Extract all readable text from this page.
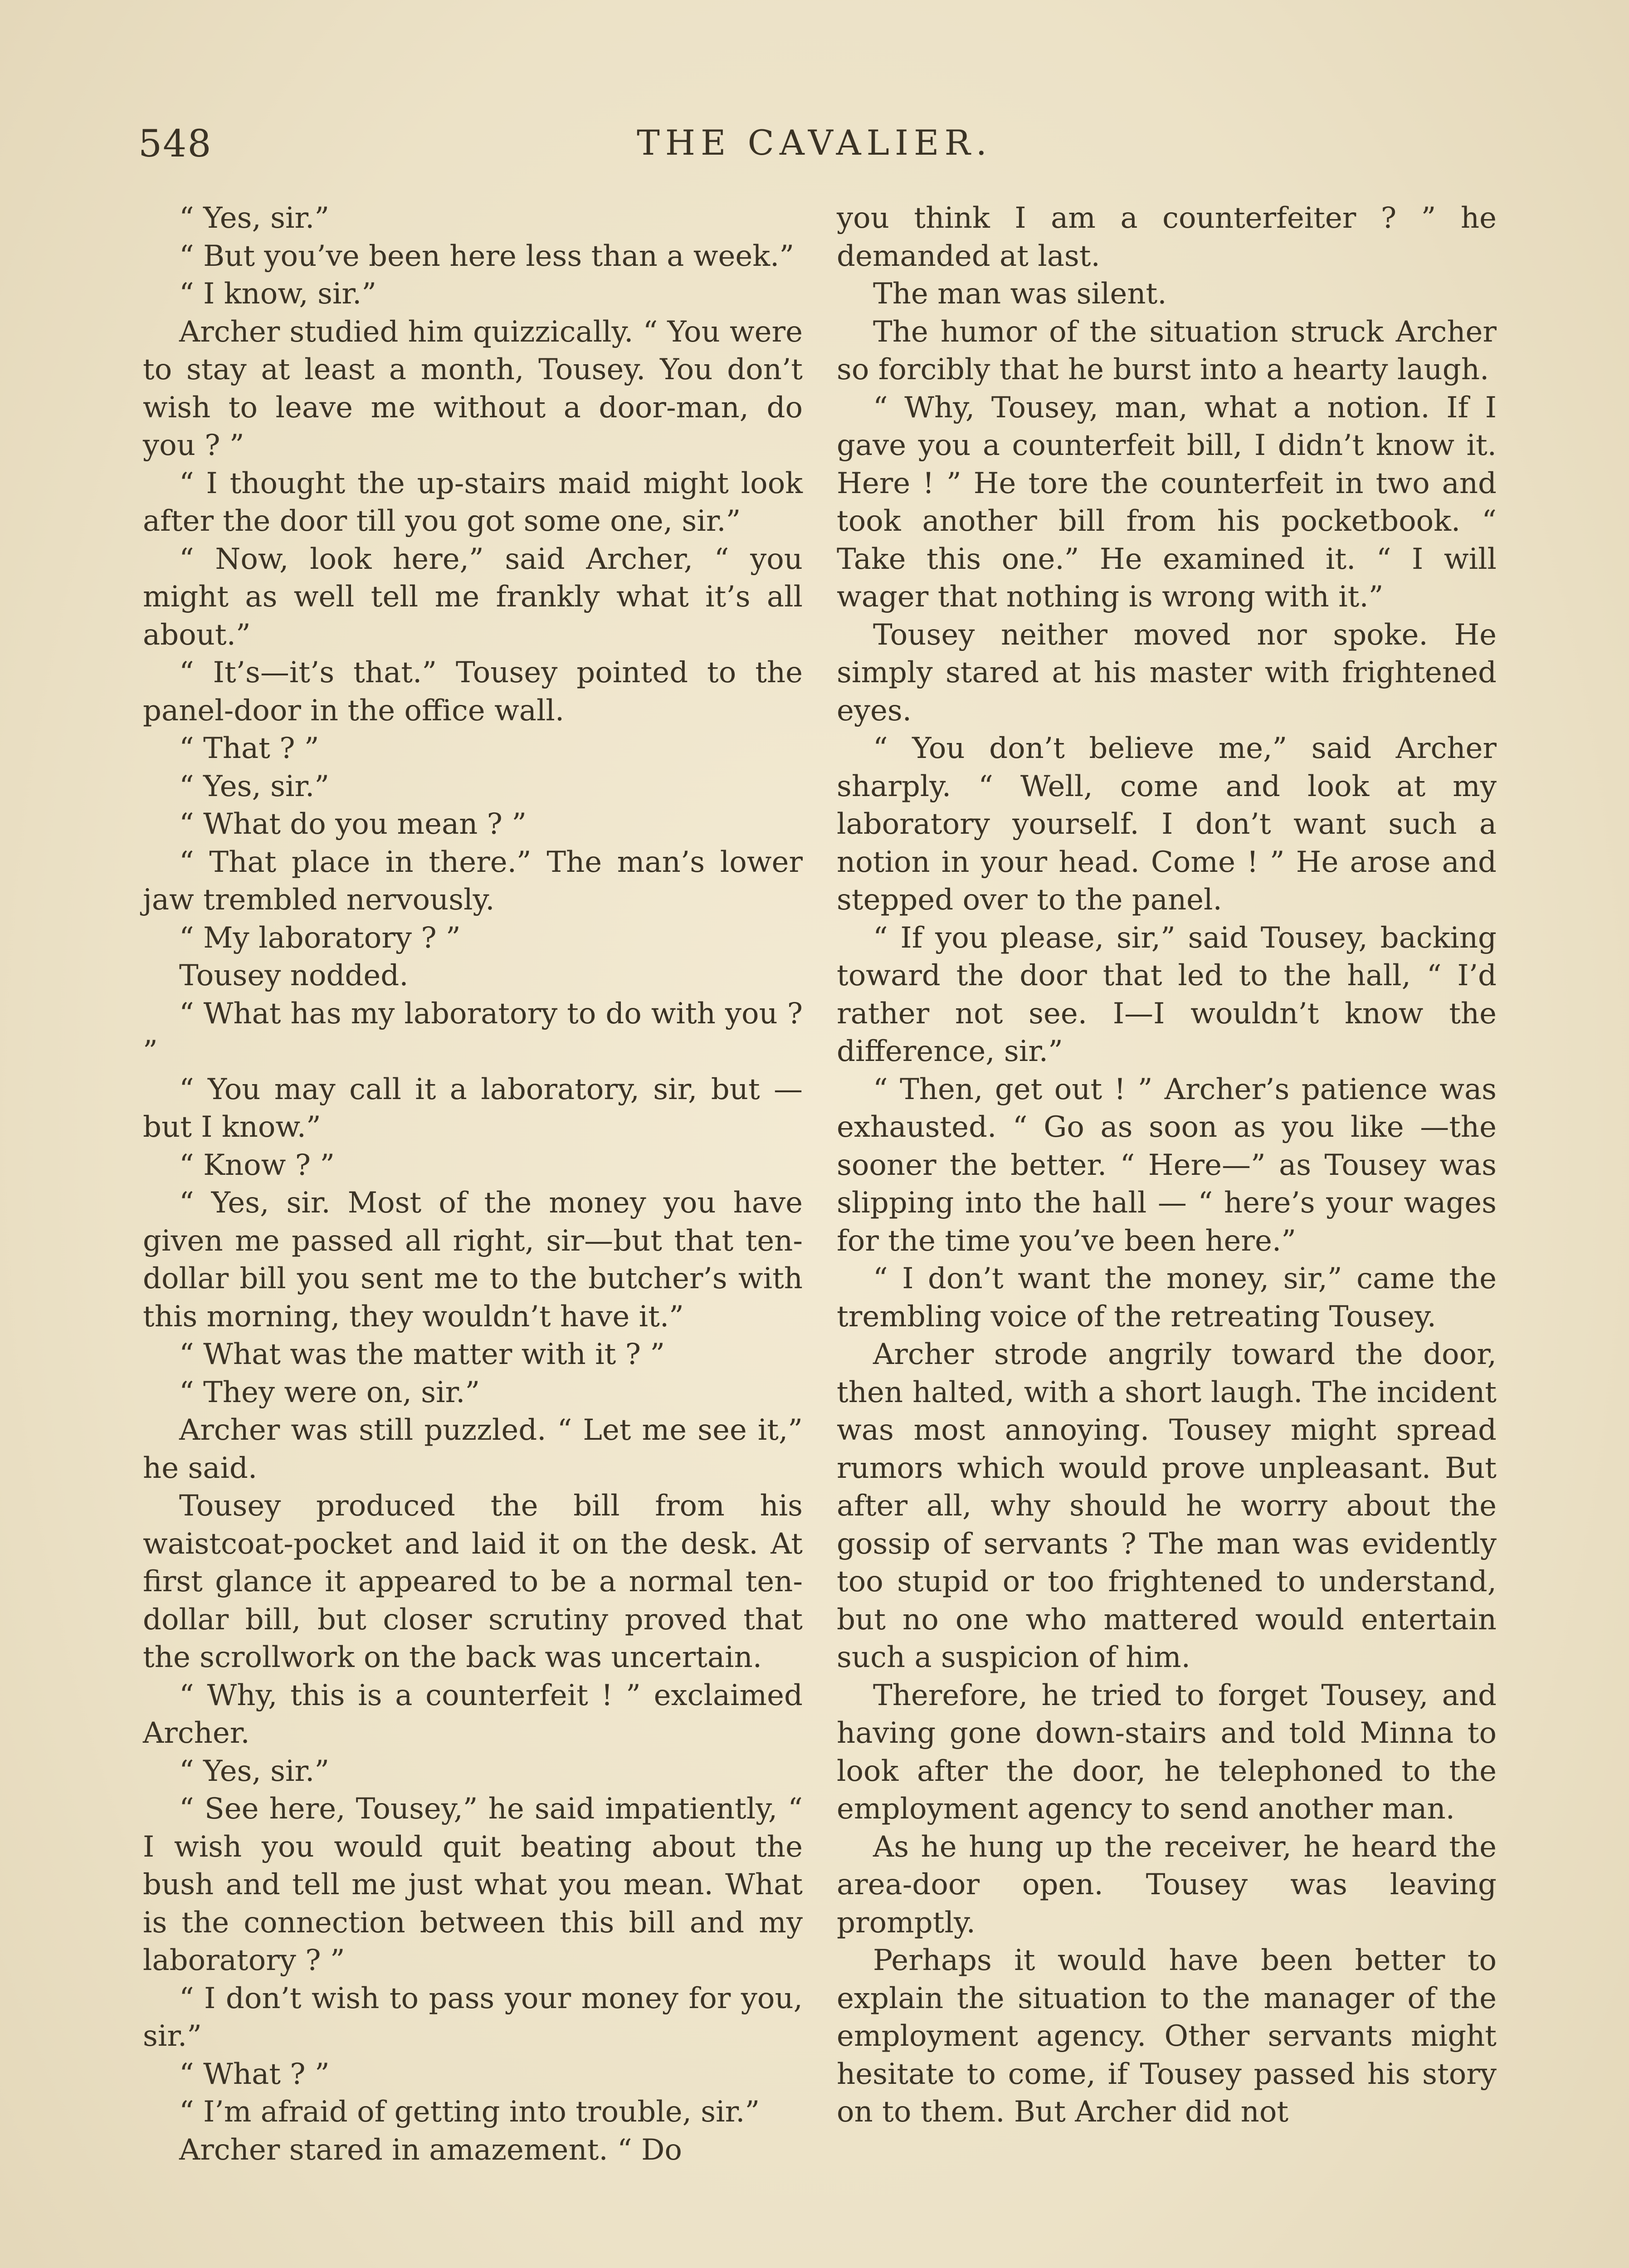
548	THE CAVALIER.

“ Yes, sir.”

“ But you’ve been here less than a week.”

“ I know, sir.”

Archer studied him quizzically. “ You were to stay at least a month, Tousey. You don’t wish to leave me without a door-man, do you ? ”

“ I thought the up-stairs maid might look after the door till you got some one, sir.”

“ Now, look here,” said Archer, “ you might as well tell me frankly what it’s all about.”

“ It’s—it’s that.” Tousey pointed to the panel-door in the office wall.

“ That ? ”

“ Yes, sir.”

“ What do you mean ? ”

“ That place in there.” The man’s lower jaw trembled nervously.

“ My laboratory ? ”

Tousey nodded.

“ What has my laboratory to do with you ? ”

“ You may call it a laboratory, sir, but —but I know.”

“ Know ? ”

“ Yes, sir. Most of the money you have given me passed all right, sir—but that ten-dollar bill you sent me to the butcher’s with this morning, they wouldn’t have it.”

“ What was the matter with it ? ”

“ They were on, sir.”

Archer was still puzzled. “ Let me see it,” he said.

Tousey produced the bill from his waistcoat-pocket and laid it on the desk. At first glance it appeared to be a normal ten-dollar bill, but closer scrutiny proved that the scrollwork on the back was uncertain.

“ Why, this is a counterfeit ! ” exclaimed Archer.

“ Yes, sir.”

“ See here, Tousey,” he said impatiently, “ I wish you would quit beating about the bush and tell me just what you mean. What is the connection between this bill and my laboratory ? ”

“ I don’t wish to pass your money for you, sir.”

“ What ? ”

“ I’m afraid of getting into trouble, sir.”

Archer stared in amazement. “ Do

you think I am a counterfeiter ? ” he demanded at last.

The man was silent.

The humor of the situation struck Archer so forcibly that he burst into a hearty laugh.

“ Why, Tousey, man, what a notion. If I gave you a counterfeit bill, I didn’t know it. Here ! ” He tore the counterfeit in two and took another bill from his pocketbook. “ Take this one.” He examined it. “ I will wager that nothing is wrong with it.”

Tousey neither moved nor spoke. He simply stared at his master with frightened eyes.

“ You don’t believe me,” said Archer sharply. “ Well, come and look at my laboratory yourself. I don’t want such a notion in your head. Come ! ” He arose and stepped over to the panel.

“ If you please, sir,” said Tousey, backing toward the door that led to the hall, “ I’d rather not see. I—I wouldn’t know the difference, sir.”

“ Then, get out ! ” Archer’s patience was exhausted. “ Go as soon as you like —the sooner the better. “ Here—” as Tousey was slipping into the hall — “ here’s your wages for the time you’ve been here.”

“ I don’t want the money, sir,” came the trembling voice of the retreating Tousey.

Archer strode angrily toward the door, then halted, with a short laugh. The incident was most annoying. Tousey might spread rumors which would prove unpleasant. But after all, why should he worry about the gossip of servants ? The man was evidently too stupid or too frightened to understand, but no one who mattered would entertain such a suspicion of him.

Therefore, he tried to forget Tousey, and having gone down-stairs and told Minna to look after the door, he telephoned to the employment agency to send another man.

As he hung up the receiver, he heard the area-door open. Tousey was leaving promptly.

Perhaps it would have been better to explain the situation to the manager of the employment agency. Other servants might hesitate to come, if Tousey passed his story on to them. But Archer did not
